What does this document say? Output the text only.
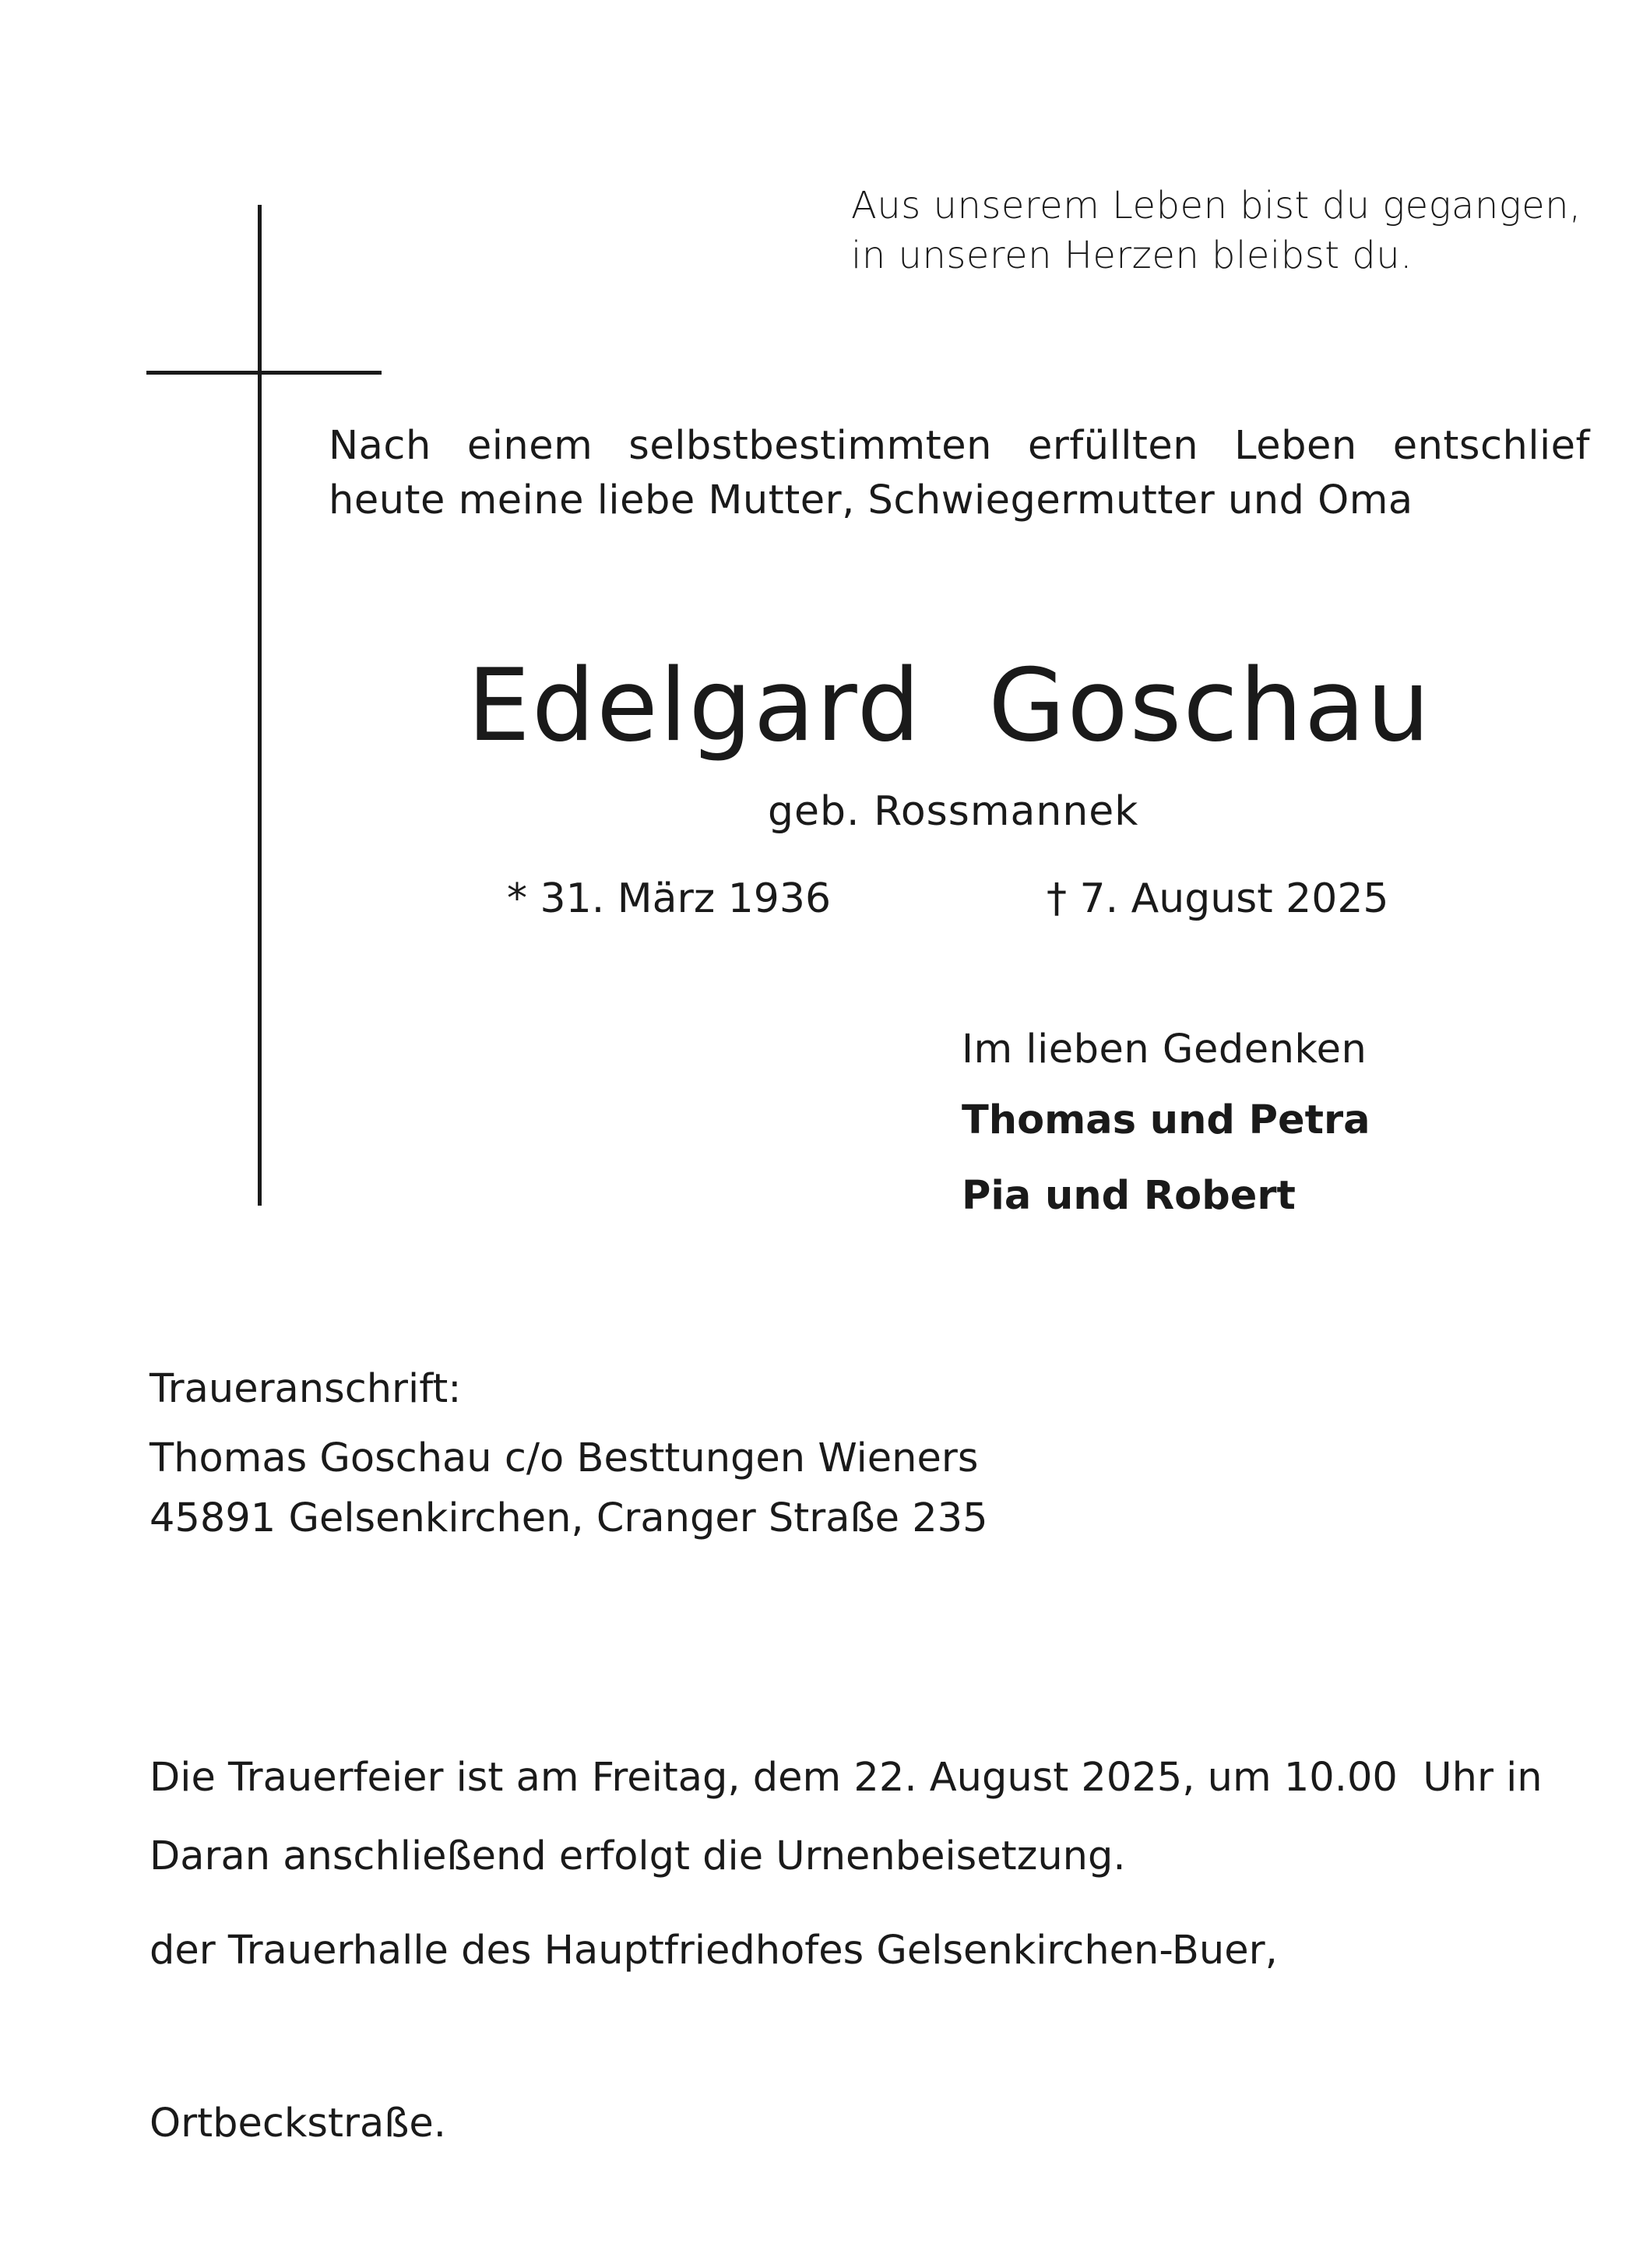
Aus unserem Leben bist du gegangen,
in unseren Herzen bleibst du.
Nach einem selbstbestimmten erfüllten Leben entschlief
heute meine liebe Mutter, Schwiegermutter und Oma
Edelgard  Goschau
geb. Rossmannek
* 31. März 1936	† 7. August 2025
Im lieben Gedenken
Thomas und Petra
Pia und Robert
Traueranschrift:
Thomas Goschau c/o Besttungen Wieners
45891 Gelsenkirchen, Cranger Straße 235

Die Trauerfeier ist am Freitag, dem 22. August 2025, um 10.00  Uhr in

der Trauerhalle des Hauptfriedhofes Gelsenkirchen-Buer,

Ortbeckstraße.

Daran anschließend erfolgt die Urnenbeisetzung.
